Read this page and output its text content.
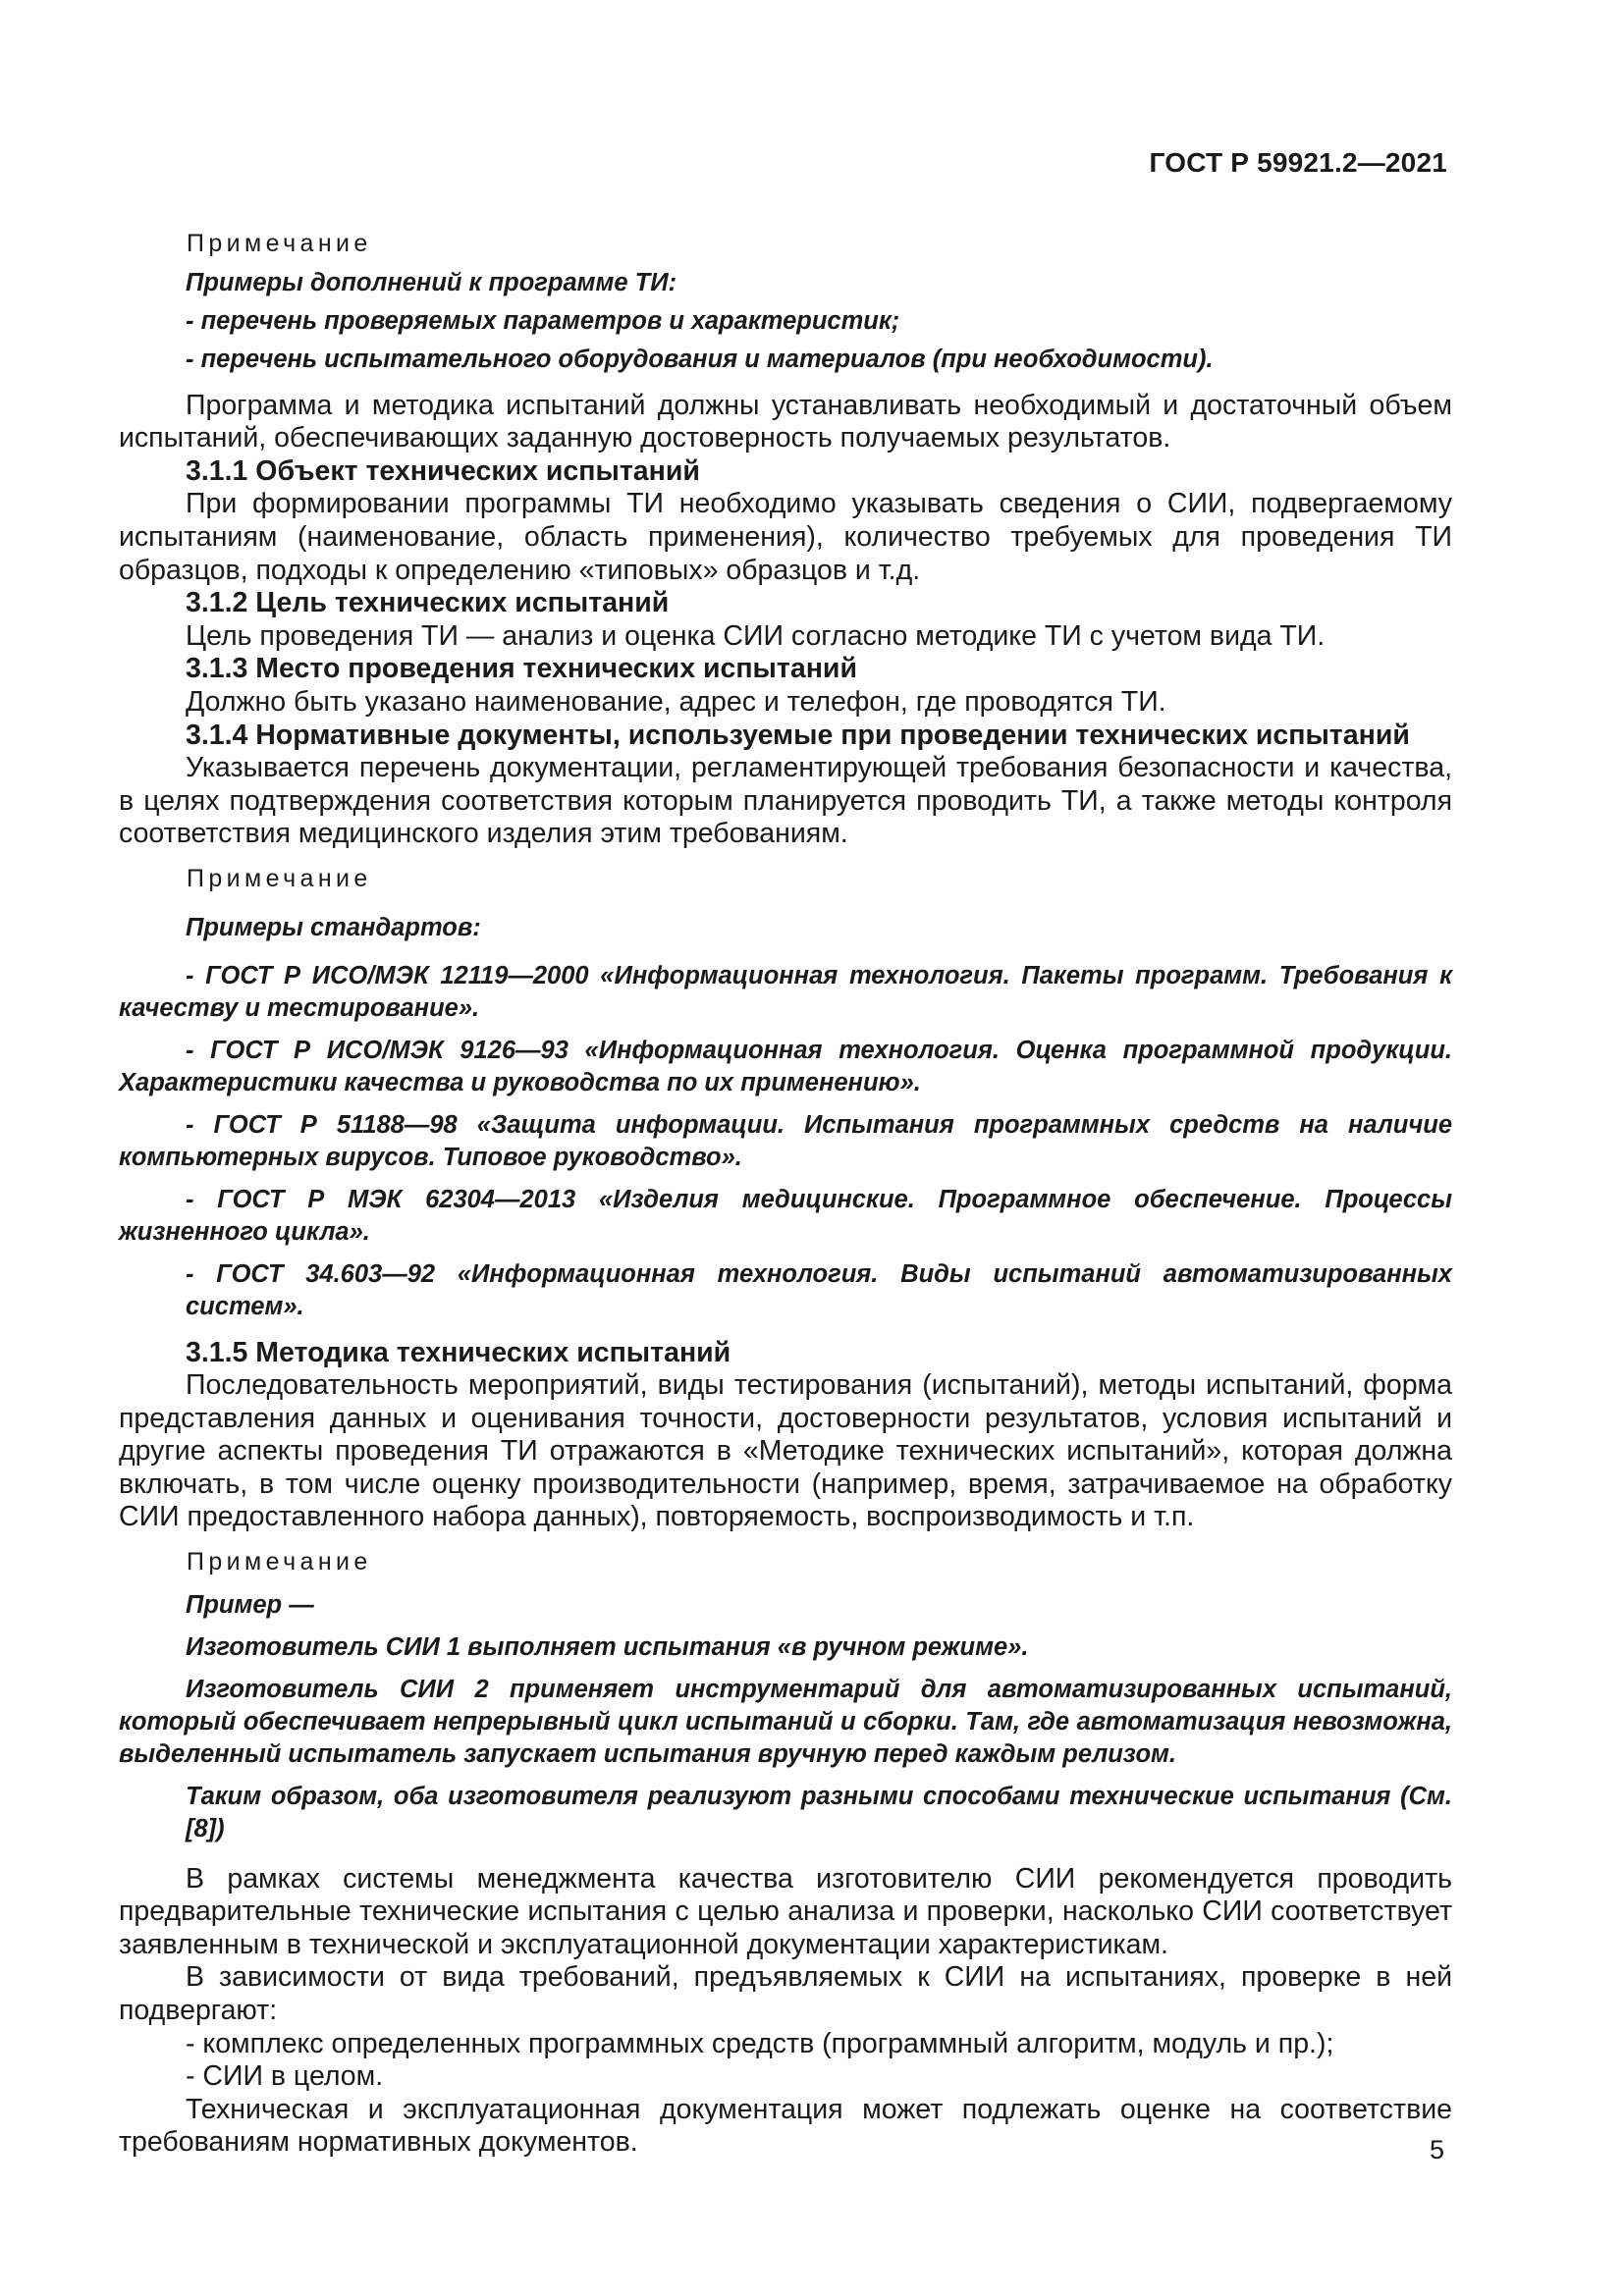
ГОСТ Р 59921.2—2021

Примечание

Примеры дополнений к программе ТИ:

- перечень проверяемых параметров и характеристик;

- перечень испытательного оборудования и материалов (при необходимости).

Программа и методика испытаний должны устанавливать необходимый и достаточный объем испытаний, обеспечивающих заданную достоверность получаемых результатов.

3.1.1 Объект технических испытаний

При формировании программы ТИ необходимо указывать сведения о СИИ, подвергаемому испытаниям (наименование, область применения), количество требуемых для проведения ТИ образцов, подходы к определению «типовых» образцов и т.д.

3.1.2 Цель технических испытаний

Цель проведения ТИ — анализ и оценка СИИ согласно методике ТИ с учетом вида ТИ.

3.1.3 Место проведения технических испытаний

Должно быть указано наименование, адрес и телефон, где проводятся ТИ.

3.1.4 Нормативные документы, используемые при проведении технических испытаний

Указывается перечень документации, регламентирующей требования безопасности и качества, в целях подтверждения соответствия которым планируется проводить ТИ, а также методы контроля соответствия медицинского изделия этим требованиям.

Примечание

Примеры стандартов:

- ГОСТ Р ИСО/МЭК 12119—2000 «Информационная технология. Пакеты программ. Требования к качеству и тестирование».

- ГОСТ Р ИСО/МЭК 9126—93 «Информационная технология. Оценка программной продукции. Характеристики качества и руководства по их применению».

- ГОСТ Р 51188—98 «Защита информации. Испытания программных средств на наличие компьютерных вирусов. Типовое руководство».

- ГОСТ Р МЭК 62304—2013 «Изделия медицинские. Программное обеспечение. Процессы жизненного цикла».

- ГОСТ 34.603—92 «Информационная технология. Виды испытаний автоматизированных систем».

3.1.5 Методика технических испытаний

Последовательность мероприятий, виды тестирования (испытаний), методы испытаний, форма представления данных и оценивания точности, достоверности результатов, условия испытаний и другие аспекты проведения ТИ отражаются в «Методике технических испытаний», которая должна включать, в том числе оценку производительности (например, время, затрачиваемое на обработку СИИ предоставленного набора данных), повторяемость, воспроизводимость и т.п.

Примечание

Пример —

Изготовитель СИИ 1 выполняет испытания «в ручном режиме».

Изготовитель СИИ 2 применяет инструментарий для автоматизированных испытаний, который обеспечивает непрерывный цикл испытаний и сборки. Там, где автоматизация невозможна, выделенный испытатель запускает испытания вручную перед каждым релизом.

Таким образом, оба изготовителя реализуют разными способами технические испытания (См. [8])

В рамках системы менеджмента качества изготовителю СИИ рекомендуется проводить предварительные технические испытания с целью анализа и проверки, насколько СИИ соответствует заявленным в технической и эксплуатационной документации характеристикам.

В зависимости от вида требований, предъявляемых к СИИ на испытаниях, проверке в ней подвергают:

- комплекс определенных программных средств (программный алгоритм, модуль и пр.);

- СИИ в целом.

Техническая и эксплуатационная документация может подлежать оценке на соответствие требованиям нормативных документов.	5
